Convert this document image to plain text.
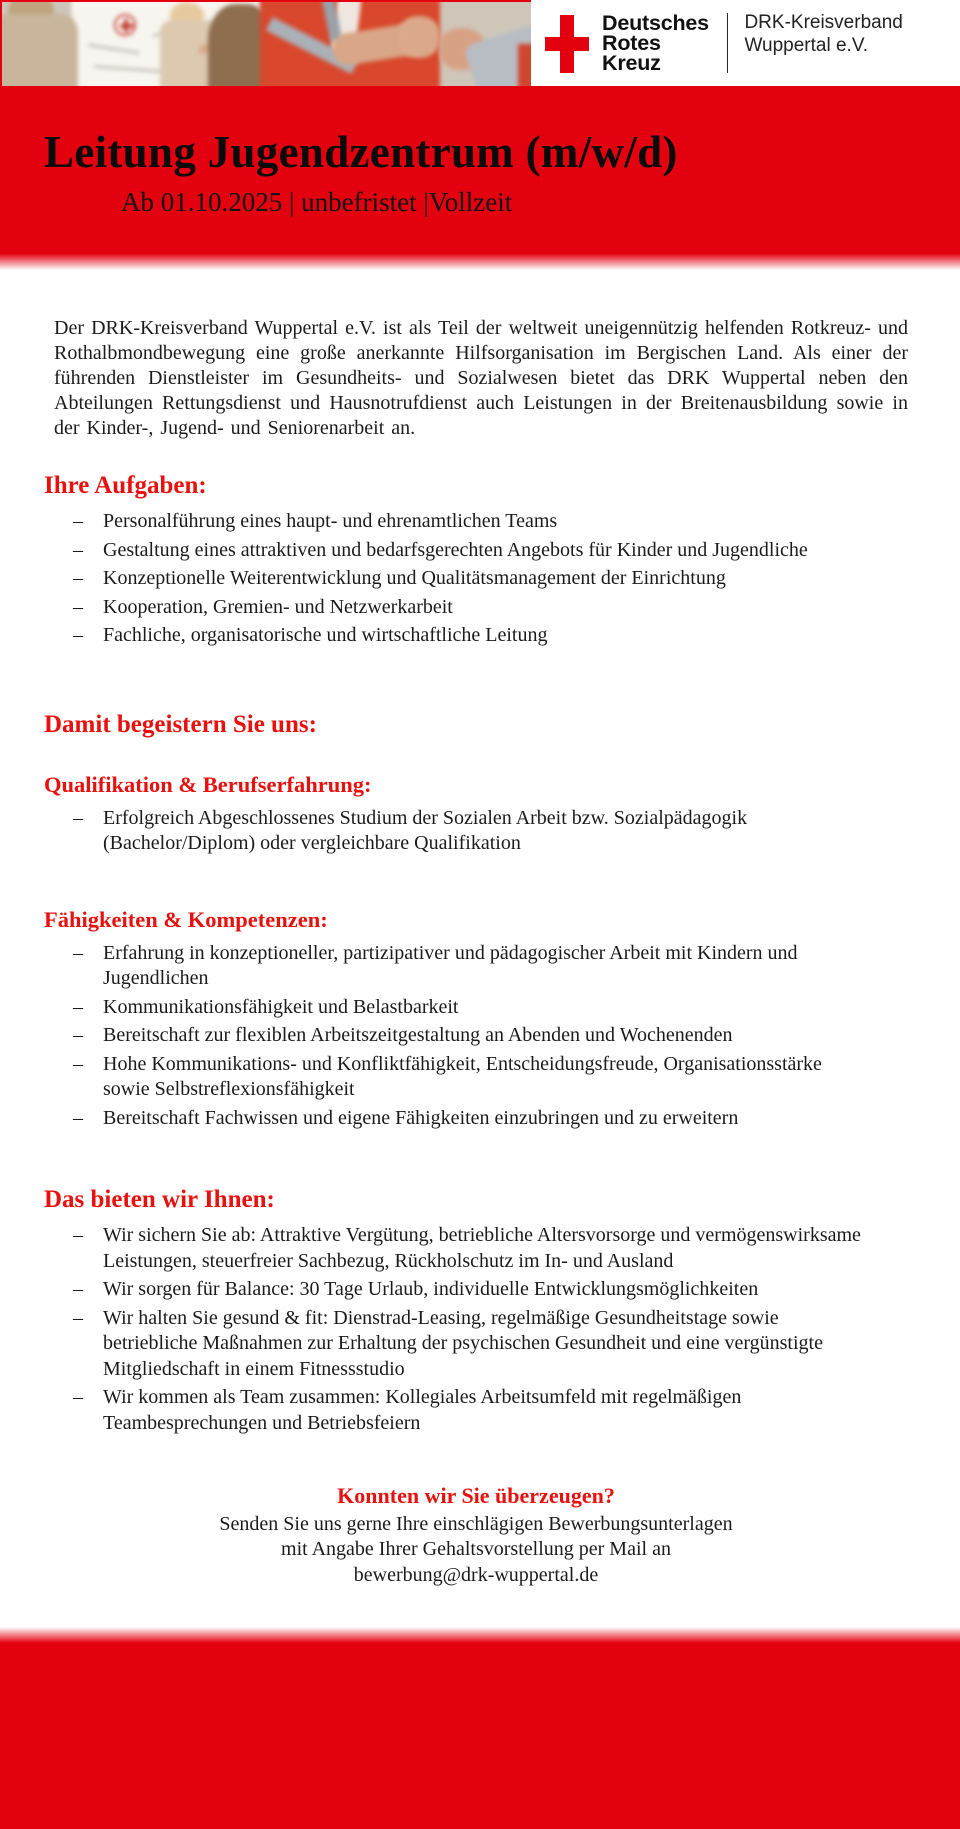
Deutsches
Rotes
Kreuz
DRK-Kreisverband
Wuppertal e.V.
Leitung Jugendzentrum (m/w/d)
Ab 01.10.2025 | unbefristet |Vollzeit

Der DRK-Kreisverband Wuppertal e.V. ist als Teil der weltweit uneigennützig helfenden Rotkreuz- und Rothalbmondbewegung eine große anerkannte Hilfsorganisation im Bergischen Land. Als einer der führenden Dienstleister im Gesundheits- und Sozialwesen bietet das DRK Wuppertal neben den Abteilungen Rettungsdienst und Hausnotrufdienst auch Leistungen in der Breitenausbildung sowie in der Kinder-, Jugend- und Seniorenarbeit an.

Ihre Aufgaben:
– Personalführung eines haupt- und ehrenamtlichen Teams
– Gestaltung eines attraktiven und bedarfsgerechten Angebots für Kinder und Jugendliche
– Konzeptionelle Weiterentwicklung und Qualitätsmanagement der Einrichtung
– Kooperation, Gremien- und Netzwerkarbeit
– Fachliche, organisatorische und wirtschaftliche Leitung
Damit begeistern Sie uns:
Qualifikation & Berufserfahrung:
– Erfolgreich Abgeschlossenes Studium der Sozialen Arbeit bzw. Sozialpädagogik (Bachelor/Diplom) oder vergleichbare Qualifikation
Fähigkeiten & Kompetenzen:
– Erfahrung in konzeptioneller, partizipativer und pädagogischer Arbeit mit Kindern und Jugendlichen
– Kommunikationsfähigkeit und Belastbarkeit
– Bereitschaft zur flexiblen Arbeitszeitgestaltung an Abenden und Wochenenden
– Hohe Kommunikations- und Konfliktfähigkeit, Entscheidungsfreude, Organisationsstärke sowie Selbstreflexionsfähigkeit
– Bereitschaft Fachwissen und eigene Fähigkeiten einzubringen und zu erweitern
Das bieten wir Ihnen:
– Wir sichern Sie ab: Attraktive Vergütung, betriebliche Altersvorsorge und vermögenswirksame Leistungen, steuerfreier Sachbezug, Rückholschutz im In- und Ausland
– Wir sorgen für Balance: 30 Tage Urlaub, individuelle Entwicklungsmöglichkeiten
– Wir halten Sie gesund & fit: Dienstrad-Leasing, regelmäßige Gesundheitstage sowie betriebliche Maßnahmen zur Erhaltung der psychischen Gesundheit und eine vergünstigte Mitgliedschaft in einem Fitnessstudio
– Wir kommen als Team zusammen: Kollegiales Arbeitsumfeld mit regelmäßigen Teambesprechungen und Betriebsfeiern
Konnten wir Sie überzeugen?
Senden Sie uns gerne Ihre einschlägigen Bewerbungsunterlagen
mit Angabe Ihrer Gehaltsvorstellung per Mail an
bewerbung@drk-wuppertal.de
